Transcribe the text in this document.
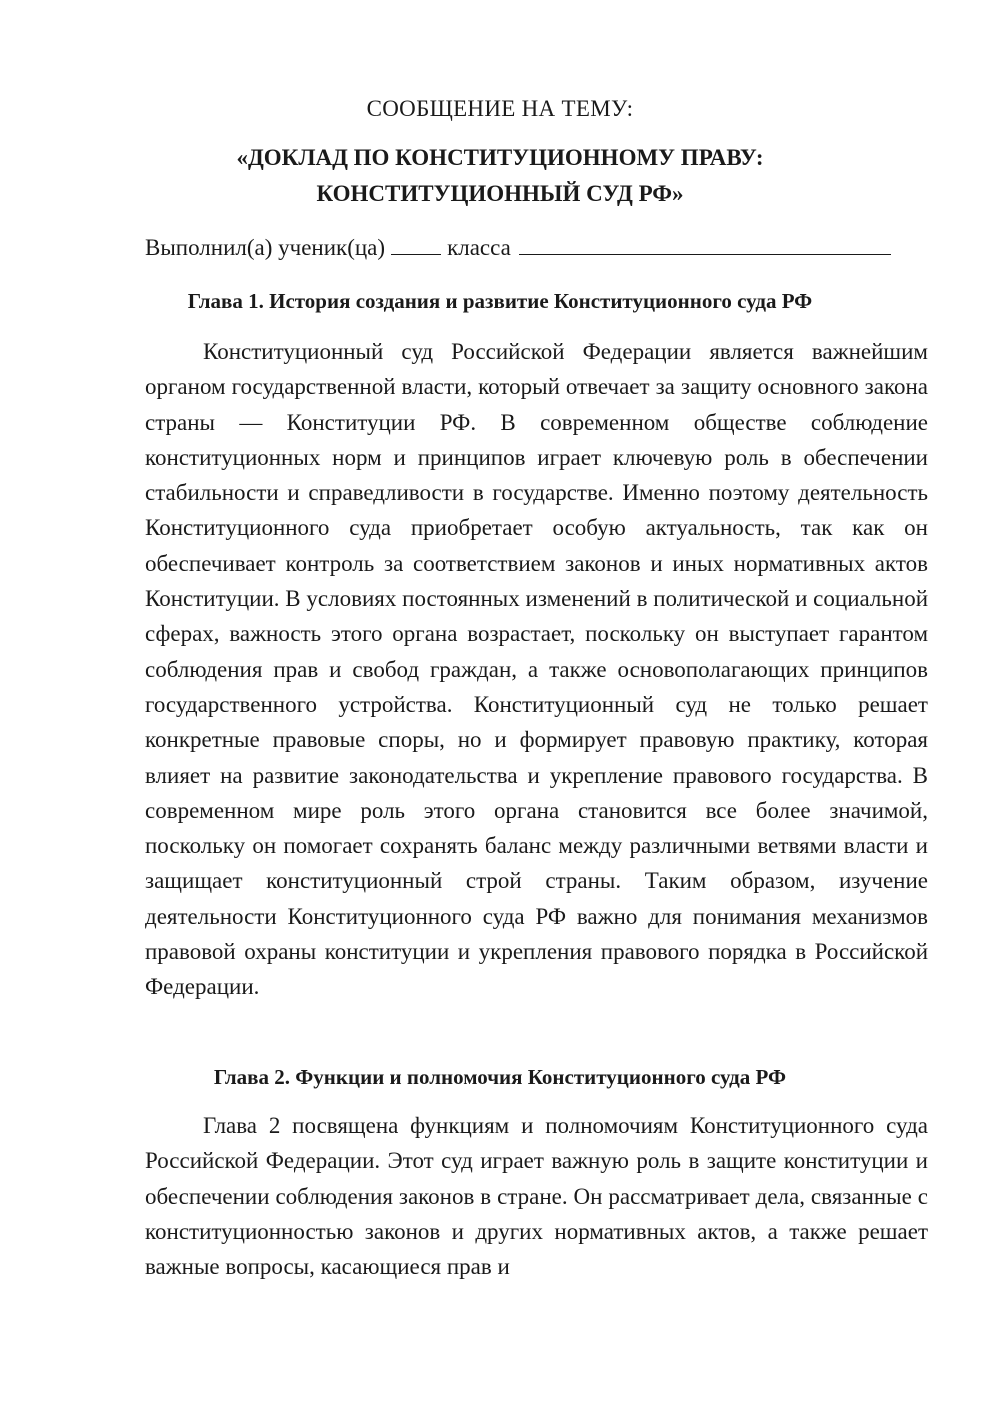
СООБЩЕНИЕ НА ТЕМУ:
«ДОКЛАД ПО КОНСТИТУЦИОННОМУ ПРАВУ:
КОНСТИТУЦИОННЫЙ СУД РФ»
Выполнил(а) ученик(ца)	класса
Глава 1. История создания и развитие Конституционного суда РФ
Конституционный суд Российской Федерации является важнейшим органом государственной власти, который отвечает за защиту основного закона страны — Конституции РФ. В современном обществе соблюдение конституционных норм и принципов играет ключевую роль в обеспечении стабильности и справедливости в государстве. Именно поэтому деятельность Конституционного суда приобретает особую актуальность, так как он обеспечивает контроль за соответствием законов и иных нормативных актов Конституции. В условиях постоянных изменений в политической и социальной сферах, важность этого органа возрастает, поскольку он выступает гарантом соблюдения прав и свобод граждан, а также основополагающих принципов государственного устройства. Конституционный суд не только решает конкретные правовые споры, но и формирует правовую практику, которая влияет на развитие законодательства и укрепление правового государства. В современном мире роль этого органа становится все более значимой, поскольку он помогает сохранять баланс между различными ветвями власти и защищает конституционный строй страны. Таким образом, изучение деятельности Конституционного суда РФ важно для понимания механизмов правовой охраны конституции и укрепления правового порядка в Российской Федерации.
Глава 2. Функции и полномочия Конституционного суда РФ
Глава 2 посвящена функциям и полномочиям Конституционного суда Российской Федерации. Этот суд играет важную роль в защите конституции и обеспечении соблюдения законов в стране. Он рассматривает дела, связанные с конституционностью законов и других нормативных актов, а также решает важные вопросы, касающиеся прав и
